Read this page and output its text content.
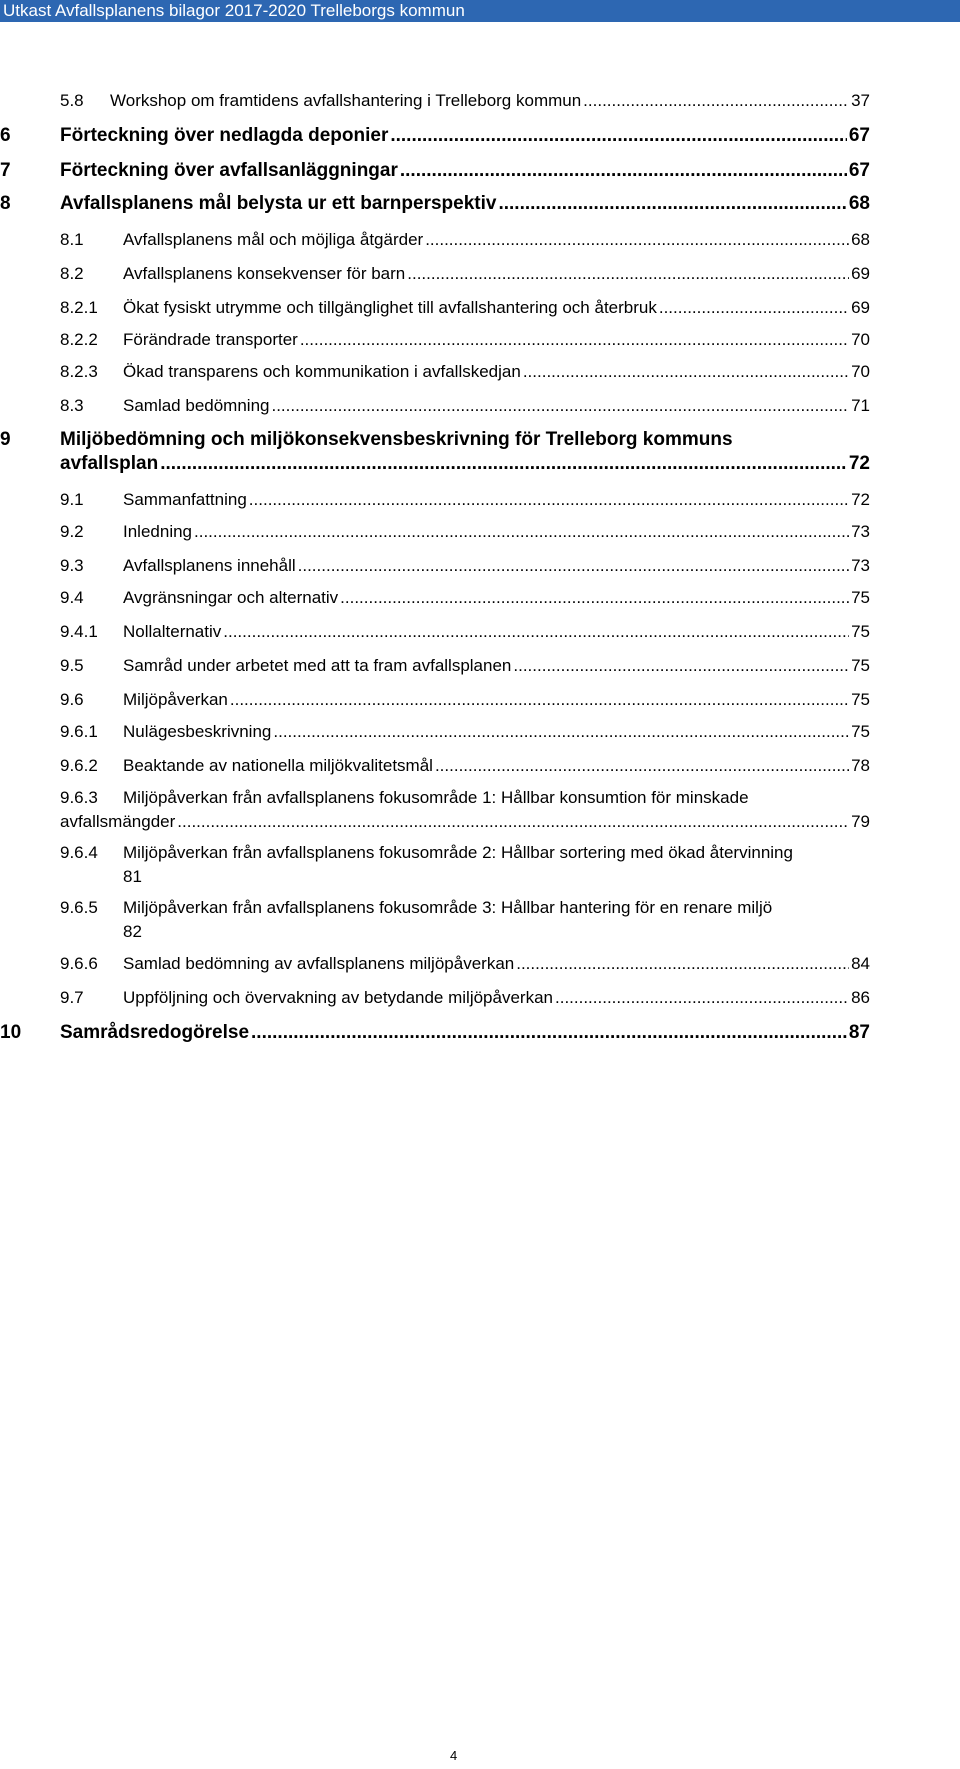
Utkast Avfallsplanens bilagor 2017-2020 Trelleborgs kommun
5.8	Workshop om framtidens avfallshantering i Trelleborg kommun .....	37
6	Förteckning över nedlagda deponier .....	67
7	Förteckning över avfallsanläggningar .....	67
8	Avfallsplanens mål belysta ur ett barnperspektiv .....	68
8.1	Avfallsplanens mål och möjliga åtgärder .....	68
8.2	Avfallsplanens konsekvenser för barn .....	69
8.2.1	Ökat fysiskt utrymme och tillgänglighet till avfallshantering och återbruk .....	69
8.2.2	Förändrade transporter .....	70
8.2.3	Ökad transparens och kommunikation i avfallskedjan .....	70
8.3	Samlad bedömning .....	71
9	Miljöbedömning och miljökonsekvensbeskrivning för Trelleborg kommuns
avfallsplan .....	72
9.1	Sammanfattning .....	72
9.2	Inledning .....	73
9.3	Avfallsplanens innehåll .....	73
9.4	Avgränsningar och alternativ .....	75
9.4.1	Nollalternativ .....	75
9.5	Samråd under arbetet med att ta fram avfallsplanen .....	75
9.6	Miljöpåverkan .....	75
9.6.1	Nulägesbeskrivning .....	75
9.6.2	Beaktande av nationella miljökvalitetsmål .....	78
9.6.3 Miljöpåverkan från avfallsplanens fokusområde 1: Hållbar konsumtion för minskade
avfallsmängder .....	79
9.6.4 Miljöpåverkan från avfallsplanens fokusområde 2: Hållbar sortering med ökad återvinning
81
9.6.5 Miljöpåverkan från avfallsplanens fokusområde 3: Hållbar hantering för en renare miljö
82
9.6.6	Samlad bedömning av avfallsplanens miljöpåverkan .....	84
9.7	Uppföljning och övervakning av betydande miljöpåverkan .....	86
10	Samrådsredogörelse .....	87
4
